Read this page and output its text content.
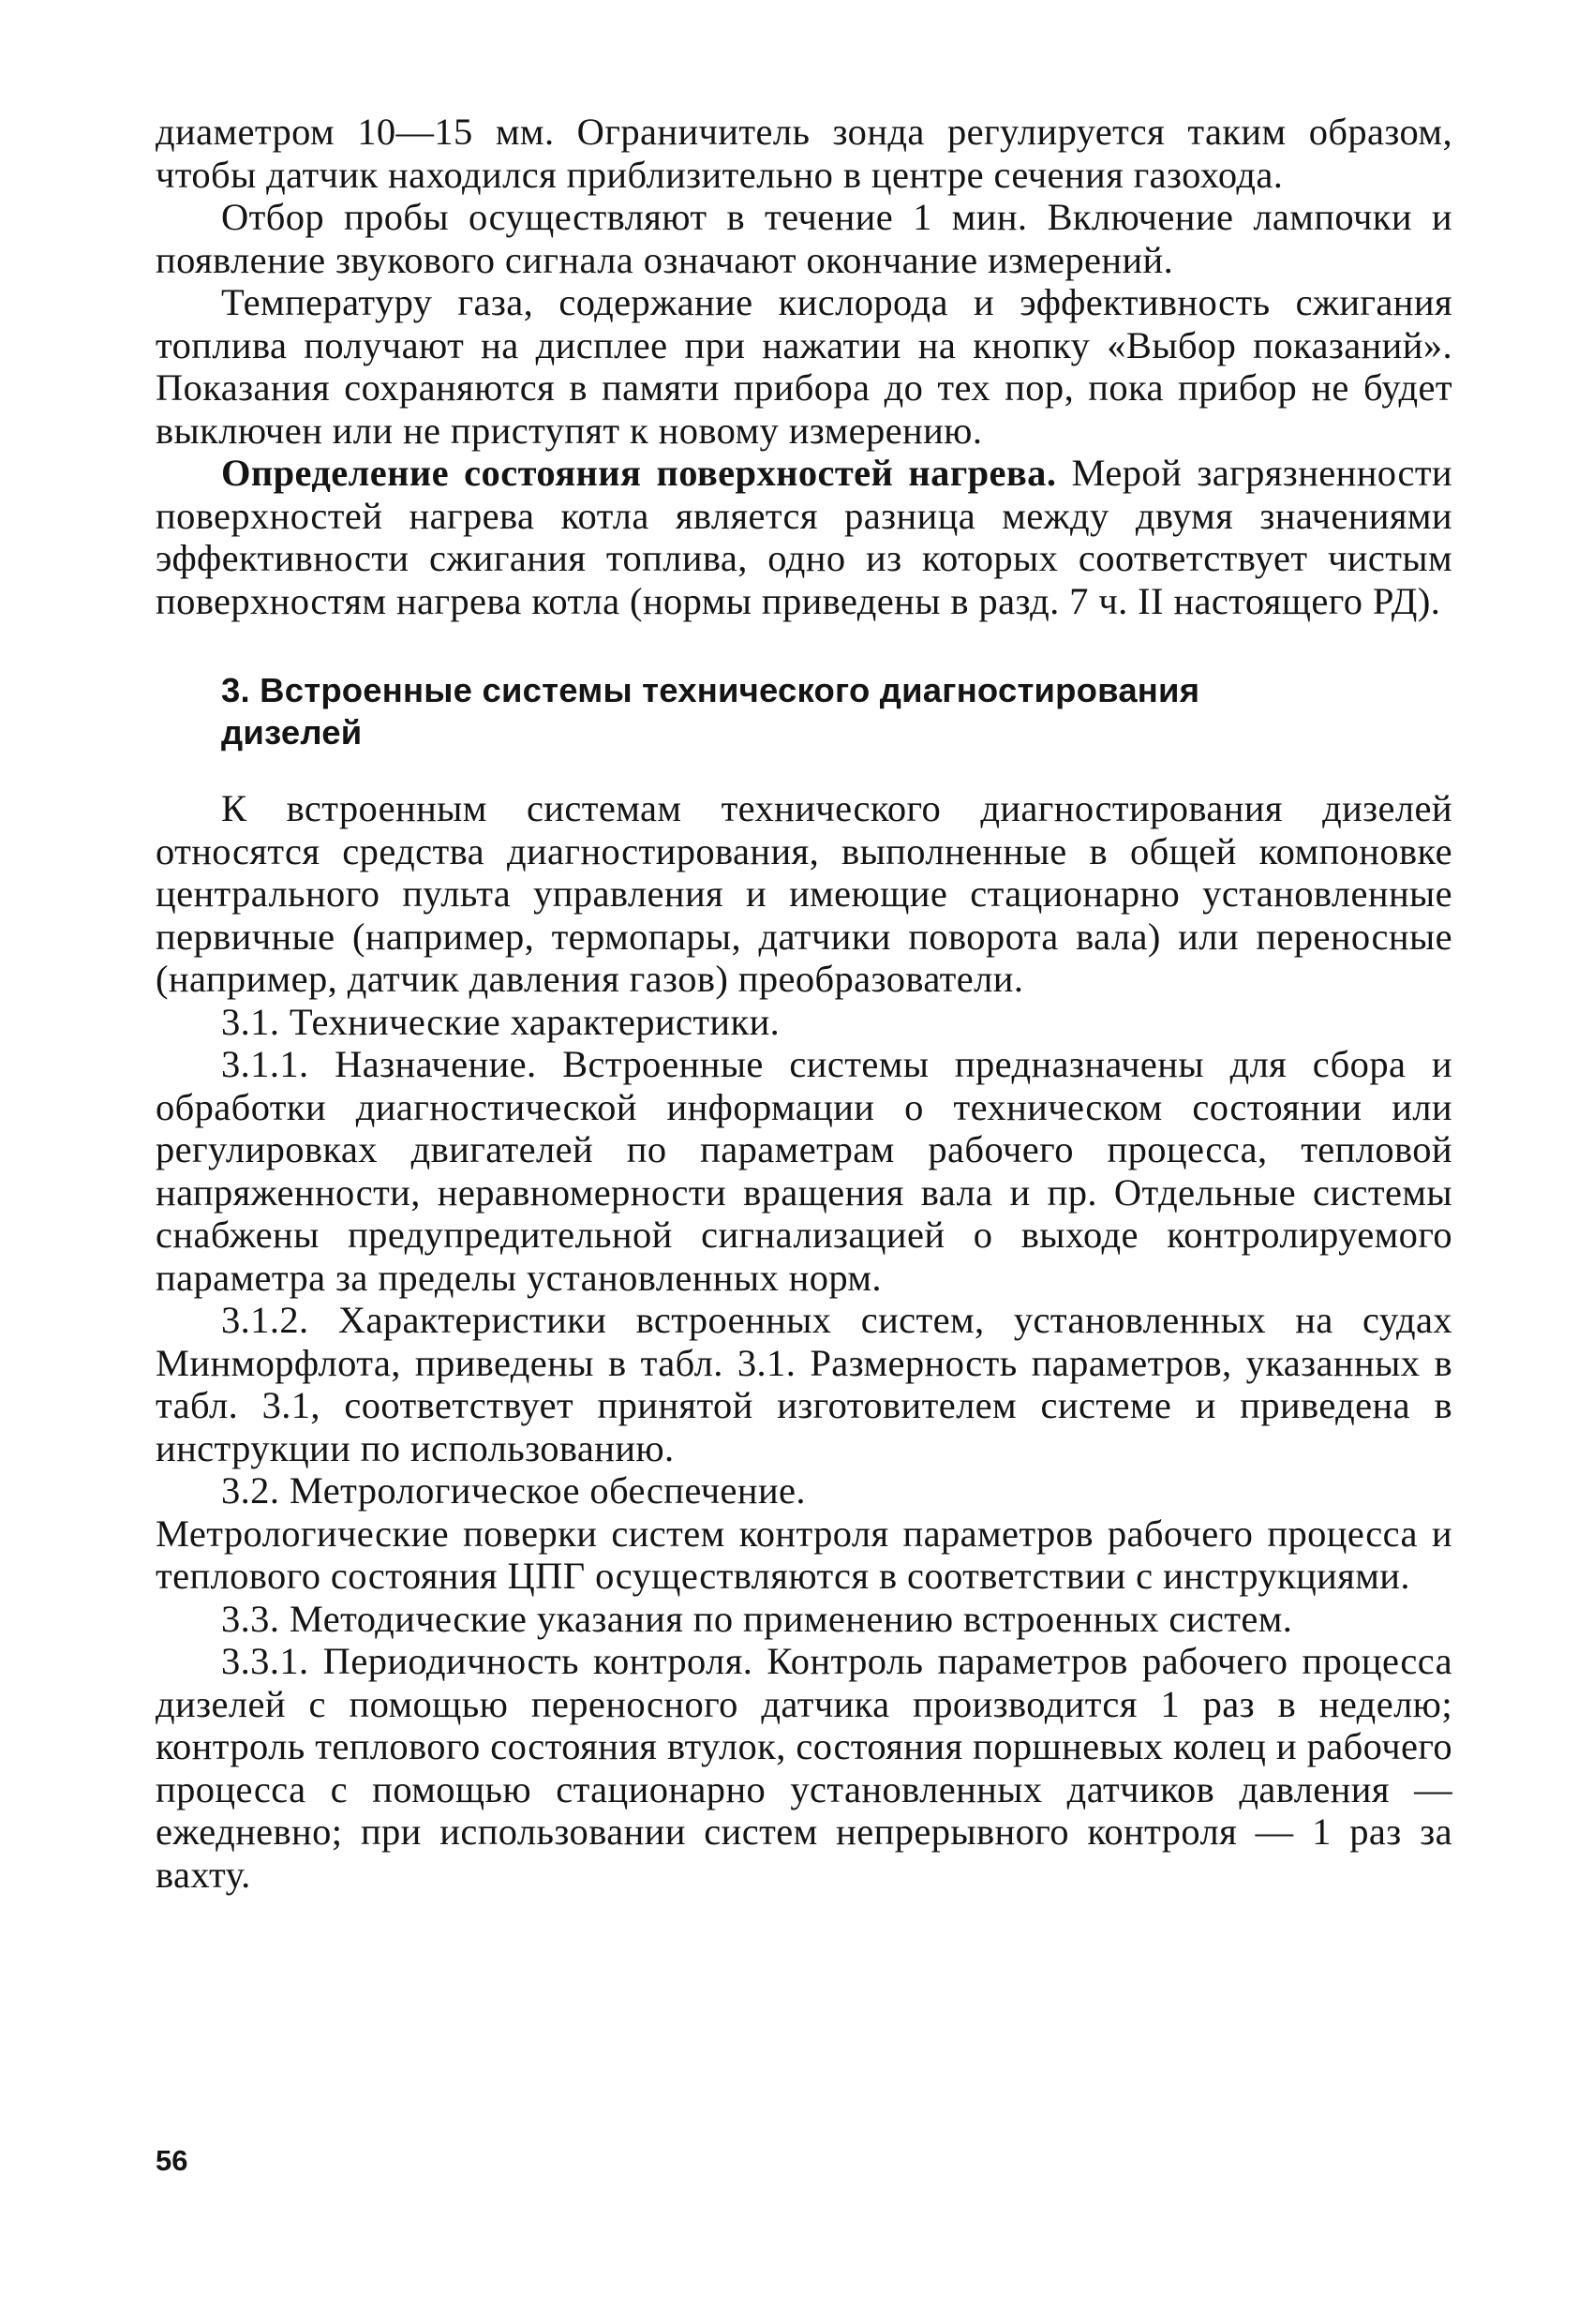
диаметром 10—15 мм. Ограничитель зонда регулируется таким образом, чтобы датчик находился приблизительно в центре сечения газохода.

Отбор пробы осуществляют в течение 1 мин. Включение лампочки и появление звукового сигнала означают окончание измерений.

Температуру газа, содержание кислорода и эффективность сжигания топлива получают на дисплее при нажатии на кнопку «Выбор показаний». Показания сохраняются в памяти прибора до тех пор, пока прибор не будет выключен или не приступят к новому измерению.

Определение состояния поверхностей нагрева. Мерой загрязненности поверхностей нагрева котла является разница между двумя значениями эффективности сжигания топлива, одно из которых соответствует чистым поверхностям нагрева котла (нормы приведены в разд. 7 ч. II настоящего РД).

3. Встроенные системы технического диагностирования дизелей

К встроенным системам технического диагностирования дизелей относятся средства диагностирования, выполненные в общей компоновке центрального пульта управления и имеющие стационарно установленные первичные (например, термопары, датчики поворота вала) или переносные (например, датчик давления газов) преобразователи.

3.1. Технические характеристики.

3.1.1. Назначение. Встроенные системы предназначены для сбора и обработки диагностической информации о техническом состоянии или регулировках двигателей по параметрам рабочего процесса, тепловой напряженности, неравномерности вращения вала и пр. Отдельные системы снабжены предупредительной сигнализацией о выходе контролируемого параметра за пределы установленных норм.

3.1.2. Характеристики встроенных систем, установленных на судах Минморфлота, приведены в табл. 3.1. Размерность параметров, указанных в табл. 3.1, соответствует принятой изготовителем системе и приведена в инструкции по использованию.

3.2. Метрологическое обеспечение.

Метрологические поверки систем контроля параметров рабочего процесса и теплового состояния ЦПГ осуществляются в соответствии с инструкциями.

3.3. Методические указания по применению встроенных систем.

3.3.1. Периодичность контроля. Контроль параметров рабочего процесса дизелей с помощью переносного датчика производится 1 раз в неделю; контроль теплового состояния втулок, состояния поршневых колец и рабочего процесса с помощью стационарно установленных датчиков давления — ежедневно; при использовании систем непрерывного контроля — 1 раз за вахту.

56
